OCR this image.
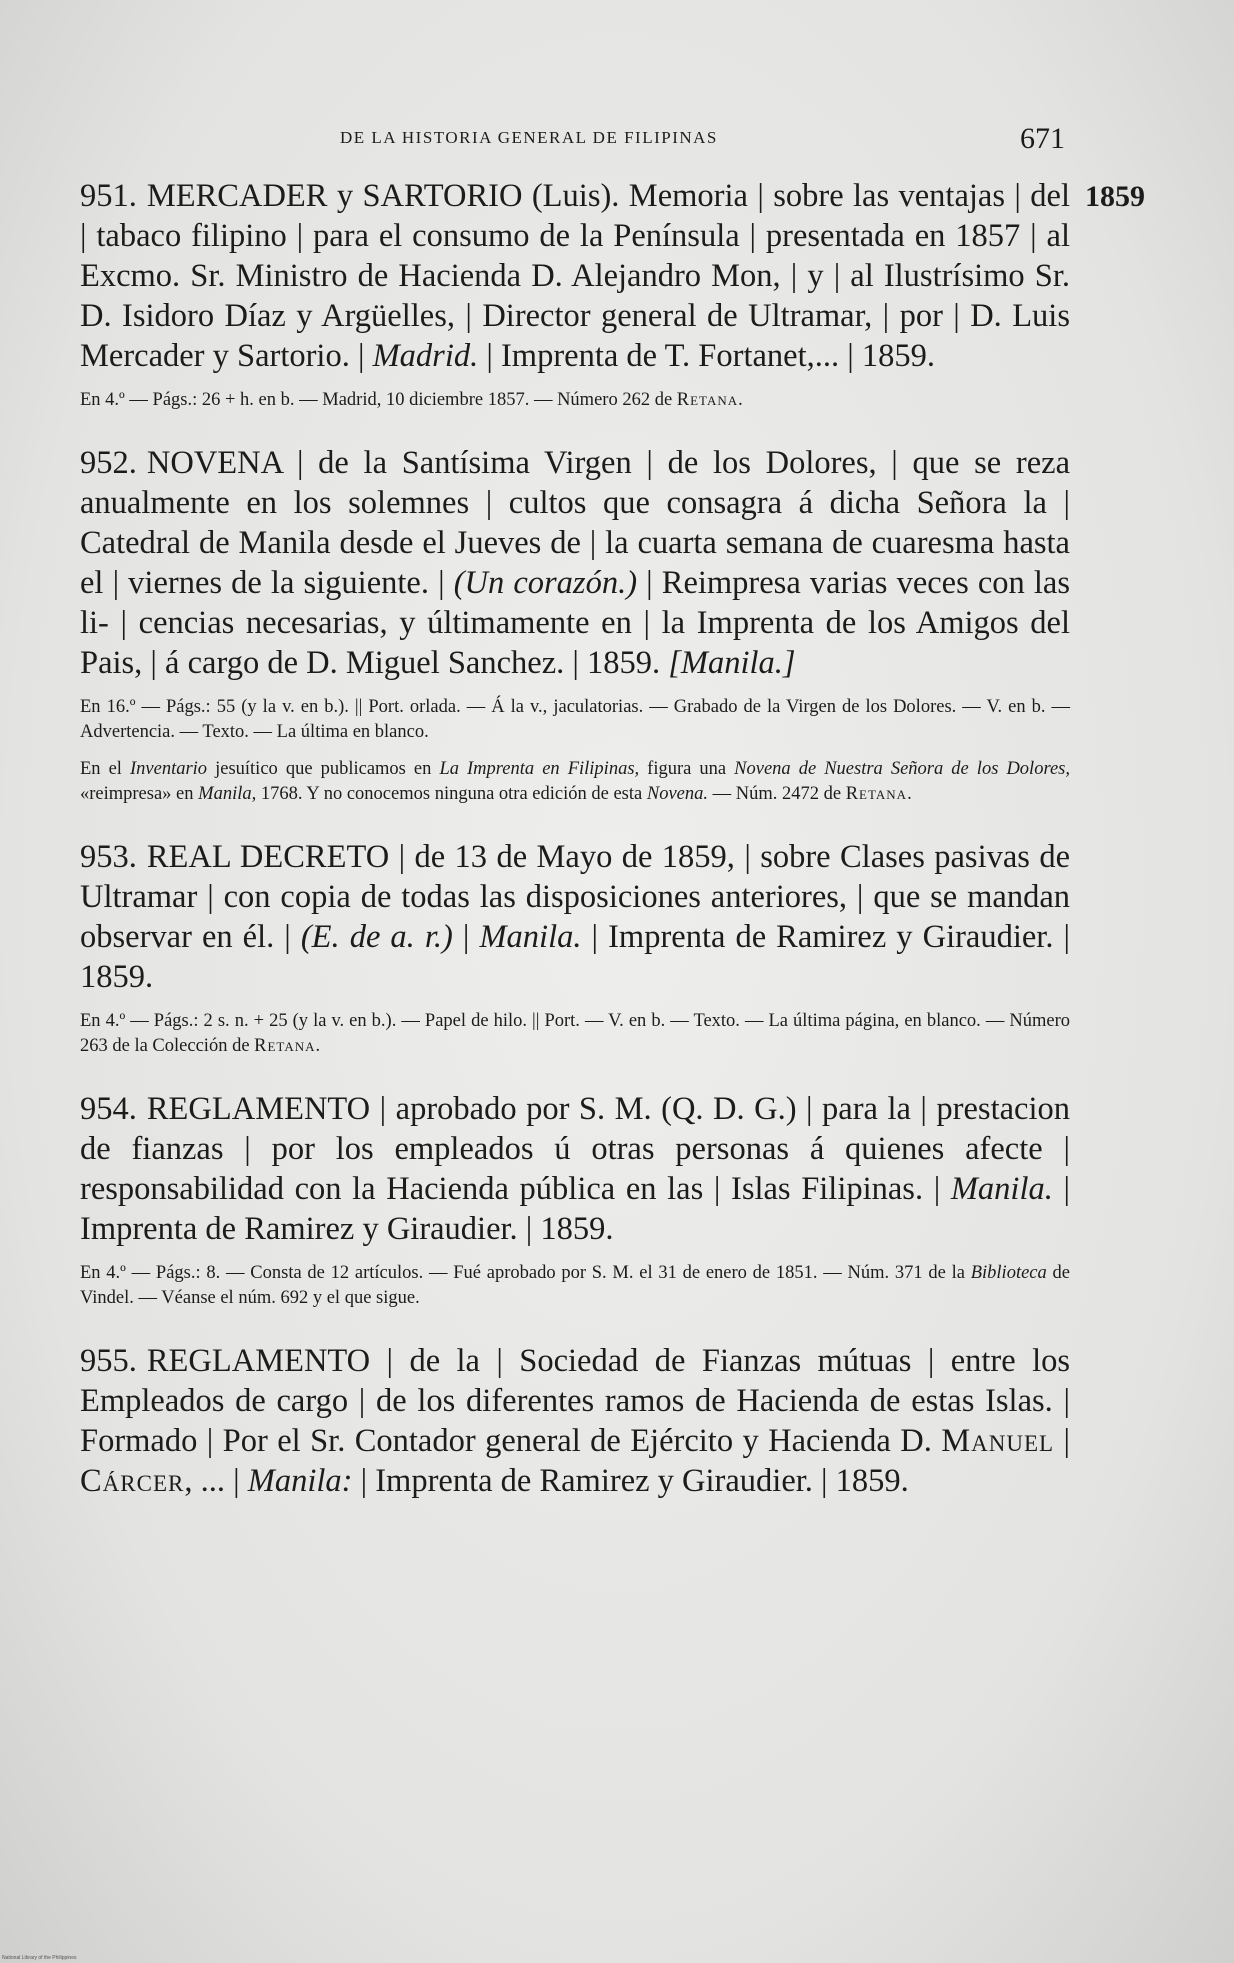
DE LA HISTORIA GENERAL DE FILIPINAS	671
1859
951. MERCADER y SARTORIO (Luis). Memoria | sobre las ventajas | del | tabaco filipino | para el consumo de la Península | presentada en 1857 | al Excmo. Sr. Ministro de Hacienda D. Alejandro Mon, | y | al Ilustrísimo Sr. D. Isidoro Díaz y Argüelles, | Director general de Ultramar, | por | D. Luis Mercader y Sartorio. | Madrid. | Imprenta de T. Fortanet,... | 1859.
En 4.º — Págs.: 26 + h. en b. — Madrid, 10 diciembre 1857. — Número 262 de Retana.
952. NOVENA | de la Santísima Virgen | de los Dolores, | que se reza anualmente en los solemnes | cultos que consagra á dicha Señora la | Catedral de Manila desde el Jueves de | la cuarta semana de cuaresma hasta el | viernes de la siguiente. | (Un corazón.) | Reimpresa varias veces con las li- | cencias necesarias, y últimamente en | la Imprenta de los Amigos del Pais, | á cargo de D. Miguel Sanchez. | 1859. [Manila.]
En 16.º — Págs.: 55 (y la v. en b.). || Port. orlada. — Á la v., jaculatorias. — Grabado de la Virgen de los Dolores. — V. en b. — Advertencia. — Texto. — La última en blanco.
En el Inventario jesuítico que publicamos en La Imprenta en Filipinas, figura una Novena de Nuestra Señora de los Dolores, «reimpresa» en Manila, 1768. Y no conocemos ninguna otra edición de esta Novena. — Núm. 2472 de Retana.
953. REAL DECRETO | de 13 de Mayo de 1859, | sobre Clases pasivas de Ultramar | con copia de todas las disposiciones anteriores, | que se mandan observar en él. | (E. de a. r.) | Manila. | Imprenta de Ramirez y Giraudier. | 1859.
En 4.º — Págs.: 2 s. n. + 25 (y la v. en b.). — Papel de hilo. || Port. — V. en b. — Texto. — La última página, en blanco. — Número 263 de la Colección de Retana.
954. REGLAMENTO | aprobado por S. M. (Q. D. G.) | para la | prestacion de fianzas | por los empleados ú otras personas á quienes afecte | responsabilidad con la Hacienda pública en las | Islas Filipinas. | Manila. | Imprenta de Ramirez y Giraudier. | 1859.
En 4.º — Págs.: 8. — Consta de 12 artículos. — Fué aprobado por S. M. el 31 de enero de 1851. — Núm. 371 de la Biblioteca de Vindel. — Véanse el núm. 692 y el que sigue.
955. REGLAMENTO | de la | Sociedad de Fianzas mútuas | entre los Empleados de cargo | de los diferentes ramos de Hacienda de estas Islas. | Formado | Por el Sr. Contador general de Ejército y Hacienda D. Manuel | Cárcer, ... | Manila: | Imprenta de Ramirez y Giraudier. | 1859.
National Library of the Philippines
